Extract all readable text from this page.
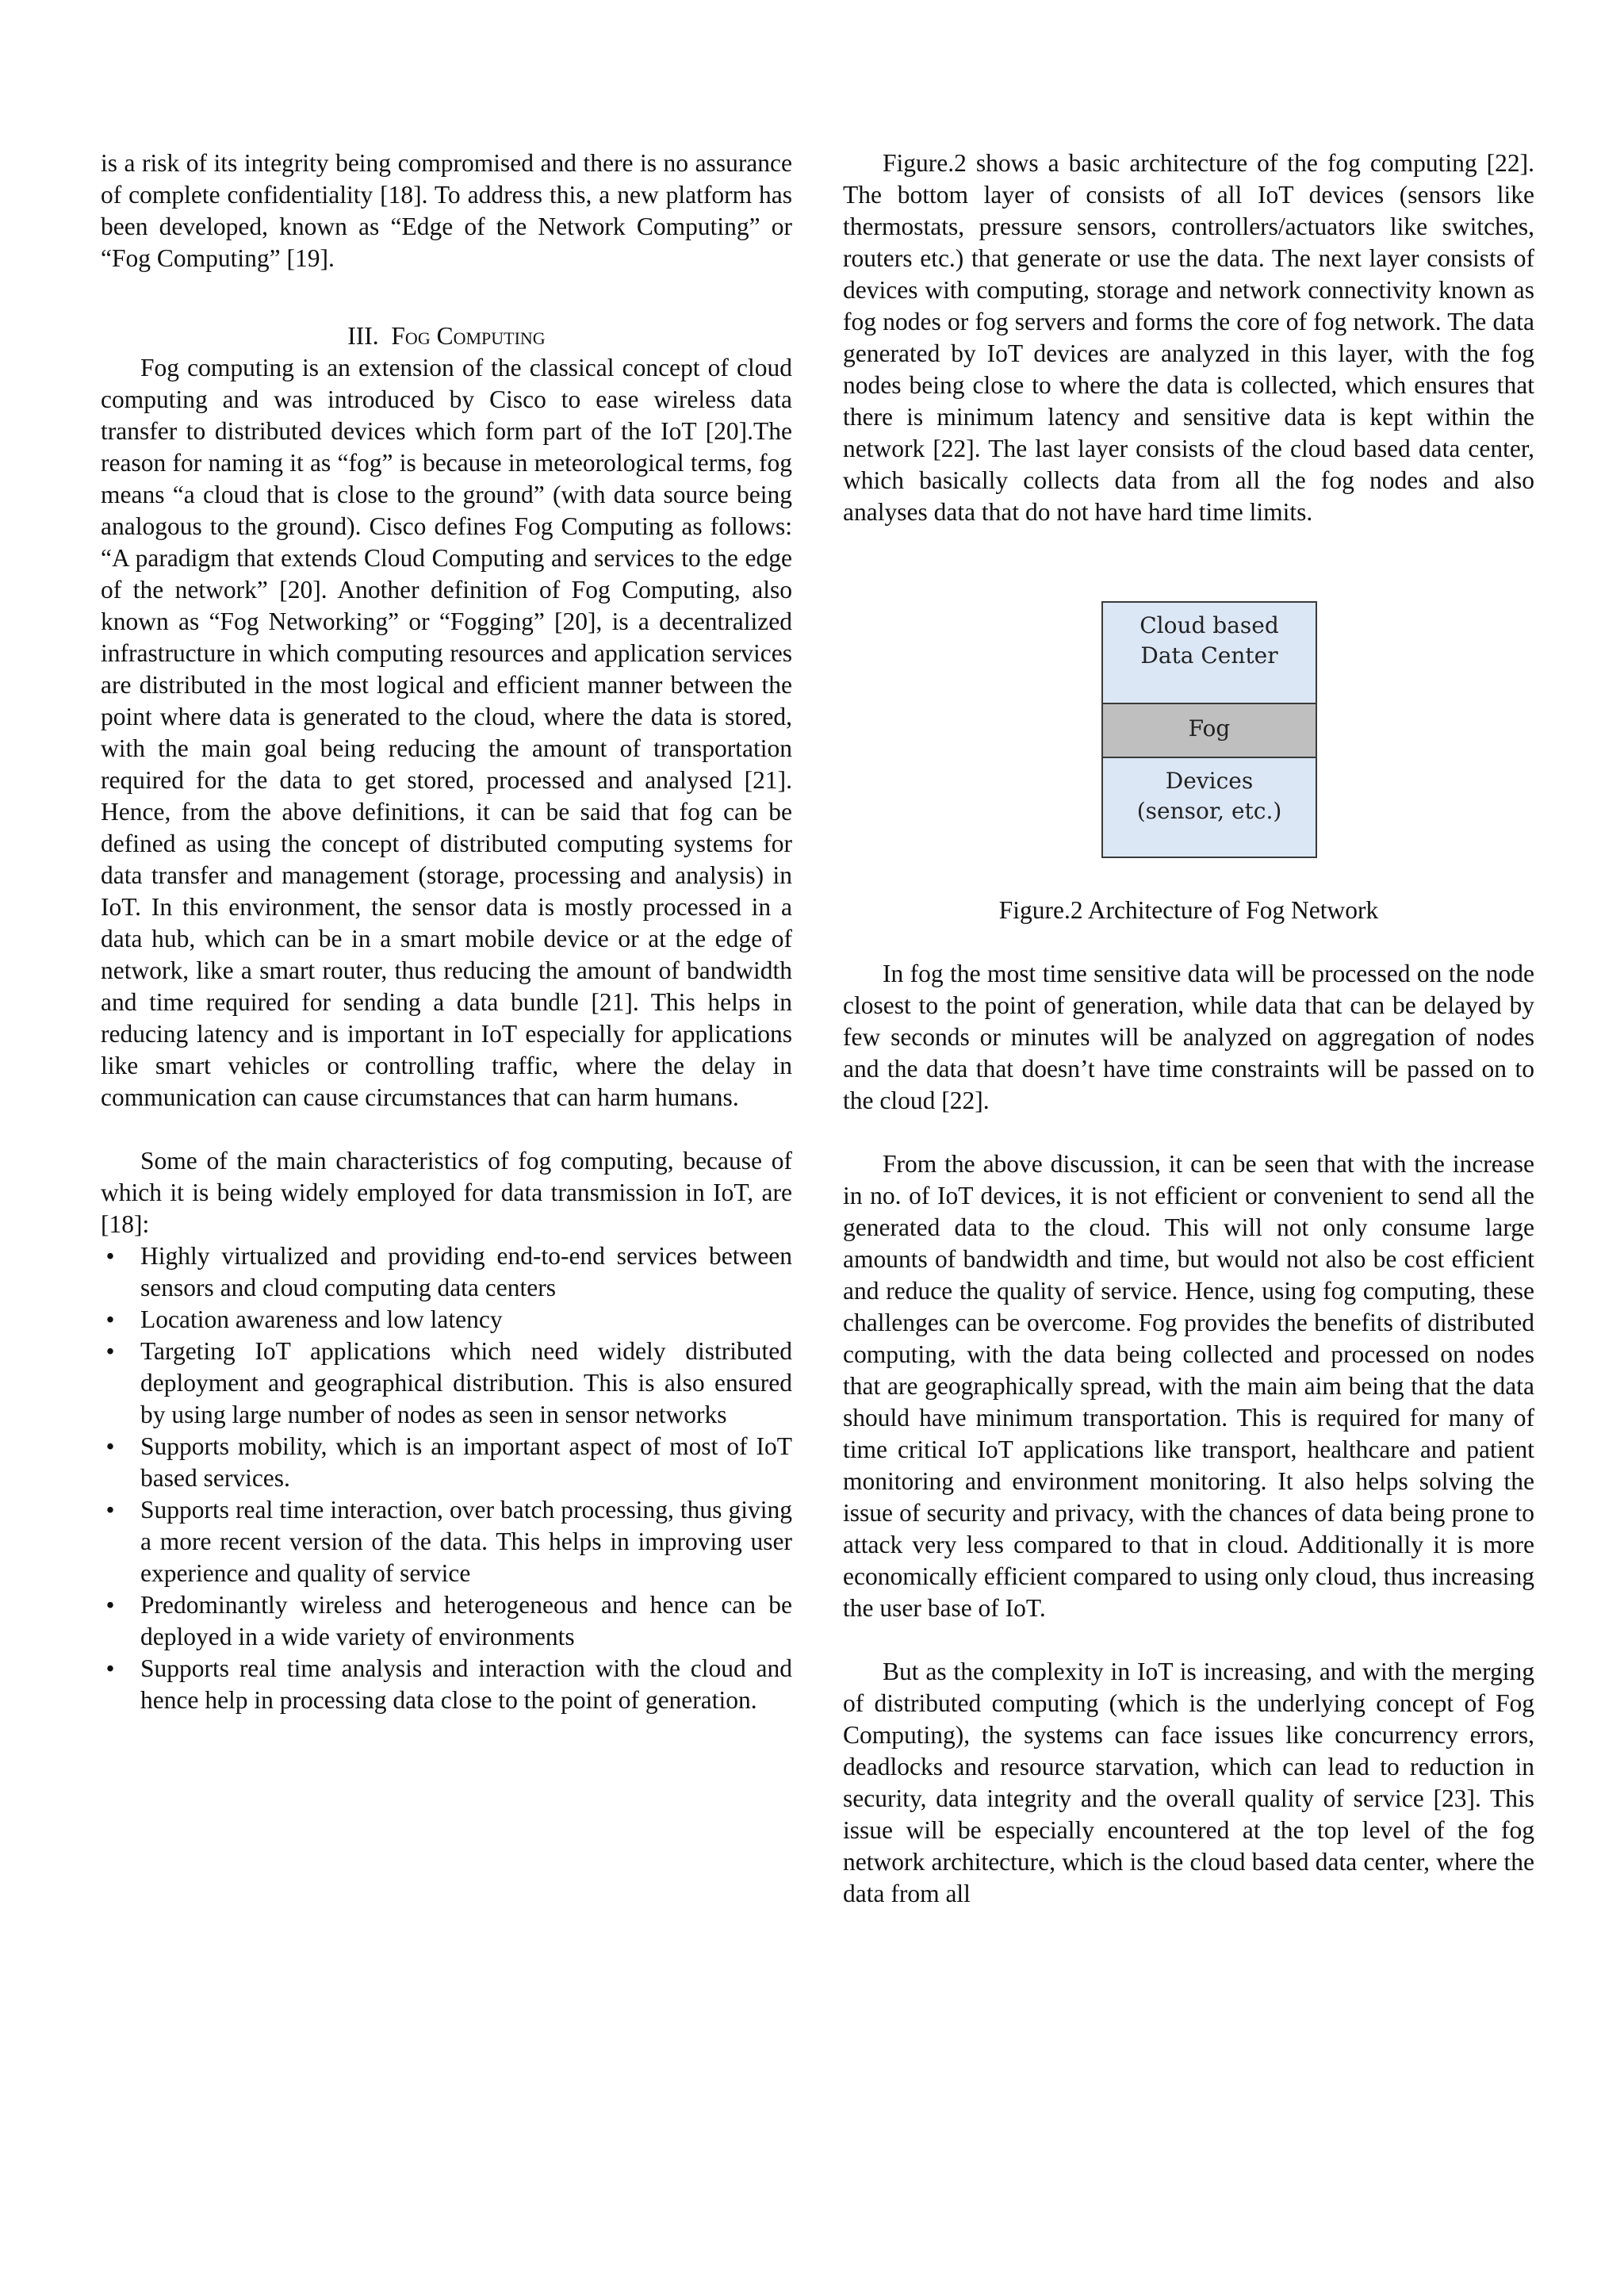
is a risk of its integrity being compromised and there is no assurance of complete confidentiality [18]. To address this, a new platform has been developed, known as “Edge of the Network Computing” or “Fog Computing” [19].

III. Fog Computing

Fog computing is an extension of the classical concept of cloud computing and was introduced by Cisco to ease wireless data transfer to distributed devices which form part of the IoT [20].The reason for naming it as “fog” is because in meteorological terms, fog means “a cloud that is close to the ground” (with data source being analogous to the ground). Cisco defines Fog Computing as follows: “A paradigm that extends Cloud Computing and services to the edge of the network” [20]. Another definition of Fog Computing, also known as “Fog Networking” or “Fogging” [20], is a decentralized infrastructure in which computing resources and application services are distributed in the most logical and efficient manner between the point where data is generated to the cloud, where the data is stored, with the main goal being reducing the amount of transportation required for the data to get stored, processed and analysed [21]. Hence, from the above definitions, it can be said that fog can be defined as using the concept of distributed computing systems for data transfer and management (storage, processing and analysis) in IoT. In this environment, the sensor data is mostly processed in a data hub, which can be in a smart mobile device or at the edge of network, like a smart router, thus reducing the amount of bandwidth and time required for sending a data bundle [21]. This helps in reducing latency and is important in IoT especially for applications like smart vehicles or controlling traffic, where the delay in communication can cause circumstances that can harm humans.

Some of the main characteristics of fog computing, because of which it is being widely employed for data transmission in IoT, are [18]:

• Highly virtualized and providing end-to-end services between sensors and cloud computing data centers
• Location awareness and low latency
• Targeting IoT applications which need widely distributed deployment and geographical distribution. This is also ensured by using large number of nodes as seen in sensor networks
• Supports mobility, which is an important aspect of most of IoT based services.
• Supports real time interaction, over batch processing, thus giving a more recent version of the data. This helps in improving user experience and quality of service
• Predominantly wireless and heterogeneous and hence can be deployed in a wide variety of environments
• Supports real time analysis and interaction with the cloud and hence help in processing data close to the point of generation.

Figure.2 shows a basic architecture of the fog computing [22]. The bottom layer of consists of all IoT devices (sensors like thermostats, pressure sensors, controllers/actuators like switches, routers etc.) that generate or use the data. The next layer consists of devices with computing, storage and network connectivity known as fog nodes or fog servers and forms the core of fog network. The data generated by IoT devices are analyzed in this layer, with the fog nodes being close to where the data is collected, which ensures that there is minimum latency and sensitive data is kept within the network [22]. The last layer consists of the cloud based data center, which basically collects data from all the fog nodes and also analyses data that do not have hard time limits.

Cloud based
Data Center
Fog
Devices
(sensor, etc.)
Figure.2 Architecture of Fog Network

In fog the most time sensitive data will be processed on the node closest to the point of generation, while data that can be delayed by few seconds or minutes will be analyzed on aggregation of nodes and the data that doesn’t have time constraints will be passed on to the cloud [22].

From the above discussion, it can be seen that with the increase in no. of IoT devices, it is not efficient or convenient to send all the generated data to the cloud. This will not only consume large amounts of bandwidth and time, but would not also be cost efficient and reduce the quality of service. Hence, using fog computing, these challenges can be overcome. Fog provides the benefits of distributed computing, with the data being collected and processed on nodes that are geographically spread, with the main aim being that the data should have minimum transportation. This is required for many of time critical IoT applications like transport, healthcare and patient monitoring and environment monitoring. It also helps solving the issue of security and privacy, with the chances of data being prone to attack very less compared to that in cloud. Additionally it is more economically efficient compared to using only cloud, thus increasing the user base of IoT.

But as the complexity in IoT is increasing, and with the merging of distributed computing (which is the underlying concept of Fog Computing), the systems can face issues like concurrency errors, deadlocks and resource starvation, which can lead to reduction in security, data integrity and the overall quality of service [23]. This issue will be especially encountered at the top level of the fog network architecture, which is the cloud based data center, where the data from all
